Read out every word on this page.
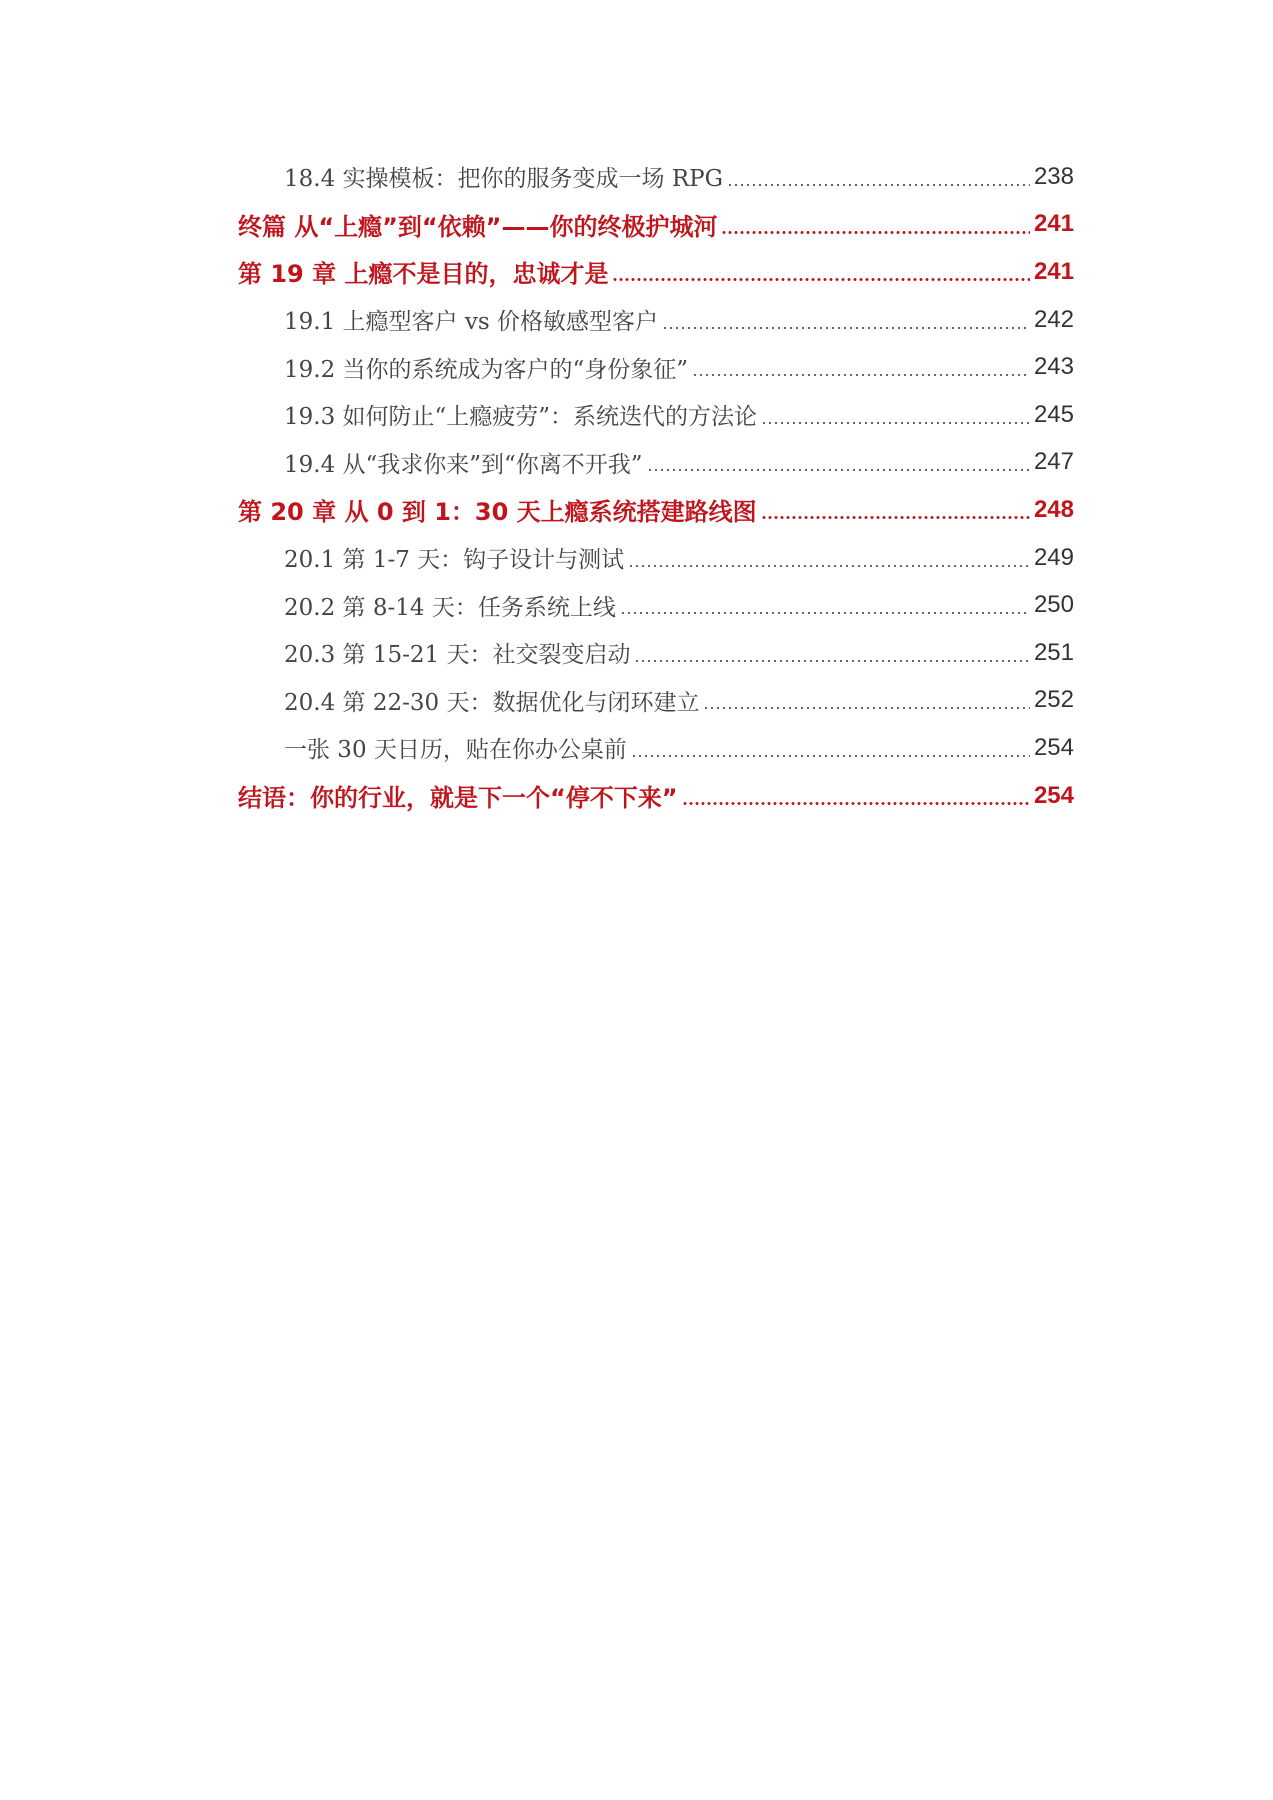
18.4 实操模板：把你的服务变成一场 RPG	238
终篇 从“上瘾”到“依赖”——你的终极护城河	241
第 19 章 上瘾不是目的，忠诚才是	241
19.1 上瘾型客户 vs 价格敏感型客户	242
19.2 当你的系统成为客户的“身份象征”	243
19.3 如何防止“上瘾疲劳”：系统迭代的方法论	245
19.4 从“我求你来”到“你离不开我”	247
第 20 章 从 0 到 1：30 天上瘾系统搭建路线图	248
20.1 第 1-7 天：钩子设计与测试	249
20.2 第 8-14 天：任务系统上线	250
20.3 第 15-21 天：社交裂变启动	251
20.4 第 22-30 天：数据优化与闭环建立	252
一张 30 天日历，贴在你办公桌前	254
结语：你的行业，就是下一个“停不下来”	254
